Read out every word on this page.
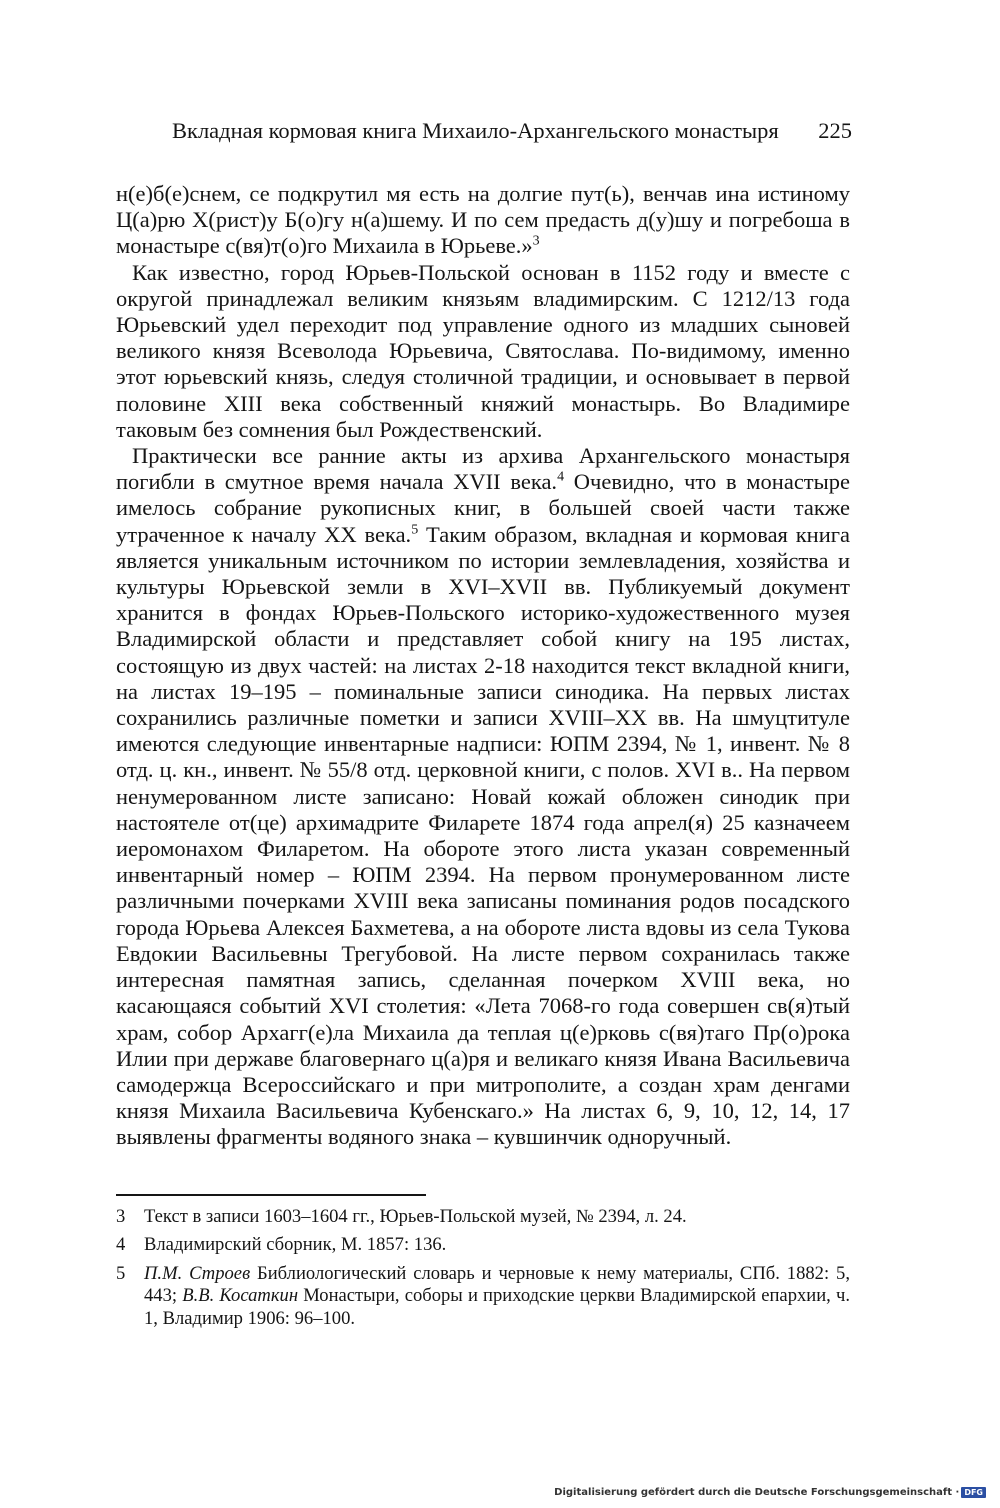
Вкладная кормовая книга Михаило-Архангельского монастыря 225

н(е)б(е)снем, се подкрутил мя есть на долгие пут(ь), венчав ина истиному Ц(а)рю Х(рист)у Б(о)гу н(а)шему. И по сем предасть д(у)шу и погребоша в монастыре с(вя)т(о)го Михаила в Юрьеве.»$^3$

Как известно, город Юрьев-Польской основан в 1152 году и вместе с округой принадлежал великим князьям владимирским. С 1212/13 года Юрьевский удел переходит под управление одного из младших сыновей великого князя Всеволода Юрьевича, Святослава. По-видимому, именно этот юрьевский князь, следуя столичной традиции, и основывает в первой половине XIII века собственный княжий монастырь. Во Владимире таковым без сомнения был Рождественский.

Практически все ранние акты из архива Архангельского монастыря погибли в смутное время начала XVII века.$^4$ Очевидно, что в монастыре имелось собрание рукописных книг, в большей своей части также утраченное к началу XX века.$^5$ Таким образом, вкладная и кормовая книга является уникальным источником по истории землевладения, хозяйства и культуры Юрьевской земли в XVI–XVII вв. Публикуемый документ хранится в фондах Юрьев-Польского историко-художественного музея Владимирской области и представляет собой книгу на 195 листах, состоящую из двух частей: на листах 2-18 находится текст вкладной книги, на листах 19–195 – поминальные записи синодика. На первых листах сохранились различные пометки и записи XVIII–XX вв. На шмуцтитуле имеются следующие инвентарные надписи: ЮПМ 2394, № 1, инвент. № 8 отд. ц. кн., инвент. № 55/8 отд. церковной книги, с полов. XVI в.. На первом ненумерованном листе записано: Новай кожай обложен синодик при настоятеле от(це) архимадрите Филарете 1874 года апрел(я) 25 казначеем иеромонахом Филаретом. На обороте этого листа указан современный инвентарный номер – ЮПМ 2394. На первом пронумерованном листе различными почерками XVIII века записаны поминания родов посадского города Юрьева Алексея Бахметева, а на обороте листа вдовы из села Тукова Евдокии Васильевны Трегубовой. На листе первом сохранилась также интересная памятная запись, сделанная почерком XVIII века, но касающаяся событий XVI столетия: «Лета 7068-го года совершен св(я)тый храм, собор Архагг(е)ла Михаила да теплая ц(е)рковь с(вя)таго Пр(о)рока Илии при державе благовернаго ц(а)ря и великаго князя Ивана Васильевича самодержца Всероссийскаго и при митрополите, а создан храм денгами князя Михаила Васильевича Кубенскаго.» На листах 6, 9, 10, 12, 14, 17 выявлены фрагменты водяного знака – кувшинчик одноручный.

3	Текст в записи 1603–1604 гг., Юрьев-Польской музей, № 2394, л. 24.
4	Владимирский сборник, М. 1857: 136.
5	П.М. Строев Библиологический словарь и черновые к нему материалы, СПб. 1882: 5, 443; В.В. Косаткин Монастыри, соборы и приходские церкви Владимирской епархии, ч. 1, Владимир 1906: 96–100.
Digitalisierung gefördert durch die Deutsche Forschungsgemeinschaft · DFG
